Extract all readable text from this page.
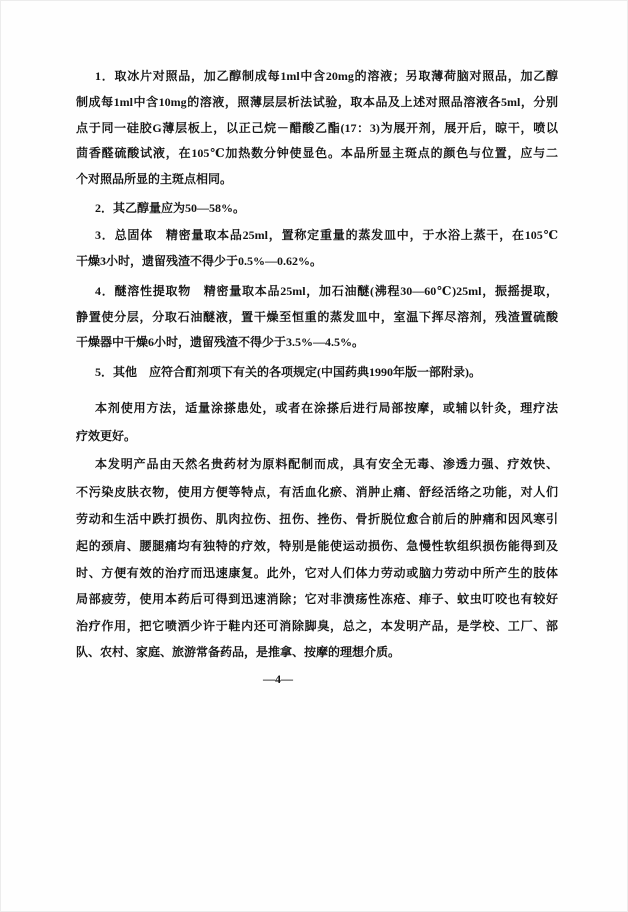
1．取冰片对照品，加乙醇制成每1ml中含20mg的溶液；另取薄荷脑对照品，加乙醇
制成每1ml中含10mg的溶液，照薄层层析法试验，取本品及上述对照品溶液各5ml，分别
点于同一硅胶G薄层板上，以正己烷－醋酸乙酯(17：3)为展开剂，展开后，晾干，喷以
茴香醛硫酸试液，在105℃加热数分钟使显色。本品所显主斑点的颜色与位置，应与二
个对照品所显的主斑点相同。
2．其乙醇量应为50—58%。
3．总固体　精密量取本品25ml，置称定重量的蒸发皿中，于水浴上蒸干，在105℃
干燥3小时，遗留残渣不得少于0.5%—0.62%。
4．醚溶性提取物　精密量取本品25ml，加石油醚(沸程30—60℃)25ml，振摇提取，
静置使分层，分取石油醚液，置干燥至恒重的蒸发皿中，室温下挥尽溶剂，残渣置硫酸
干燥器中干燥6小时，遗留残渣不得少于3.5%—4.5%。
5．其他　应符合酊剂项下有关的各项规定(中国药典1990年版一部附录)。
本剂使用方法，适量涂搽患处，或者在涂搽后进行局部按摩，或辅以针灸，理疗法
疗效更好。
本发明产品由天然名贵药材为原料配制而成，具有安全无毒、渗透力强、疗效快、
不污染皮肤衣物，使用方便等特点，有活血化瘀、消肿止痛、舒经活络之功能，对人们
劳动和生活中跌打损伤、肌肉拉伤、扭伤、挫伤、骨折脱位愈合前后的肿痛和因风寒引
起的颈肩、腰腿痛均有独特的疗效，特别是能使运动损伤、急慢性软组织损伤能得到及
时、方便有效的治疗而迅速康复。此外，它对人们体力劳动或脑力劳动中所产生的肢体
局部疲劳，使用本药后可得到迅速消除；它对非溃疡性冻疮、痱子、蚊虫叮咬也有较好
治疗作用，把它喷洒少许于鞋内还可消除脚臭，总之，本发明产品，是学校、工厂、部
队、农村、家庭、旅游常备药品，是推拿、按摩的理想介质。
—4—
